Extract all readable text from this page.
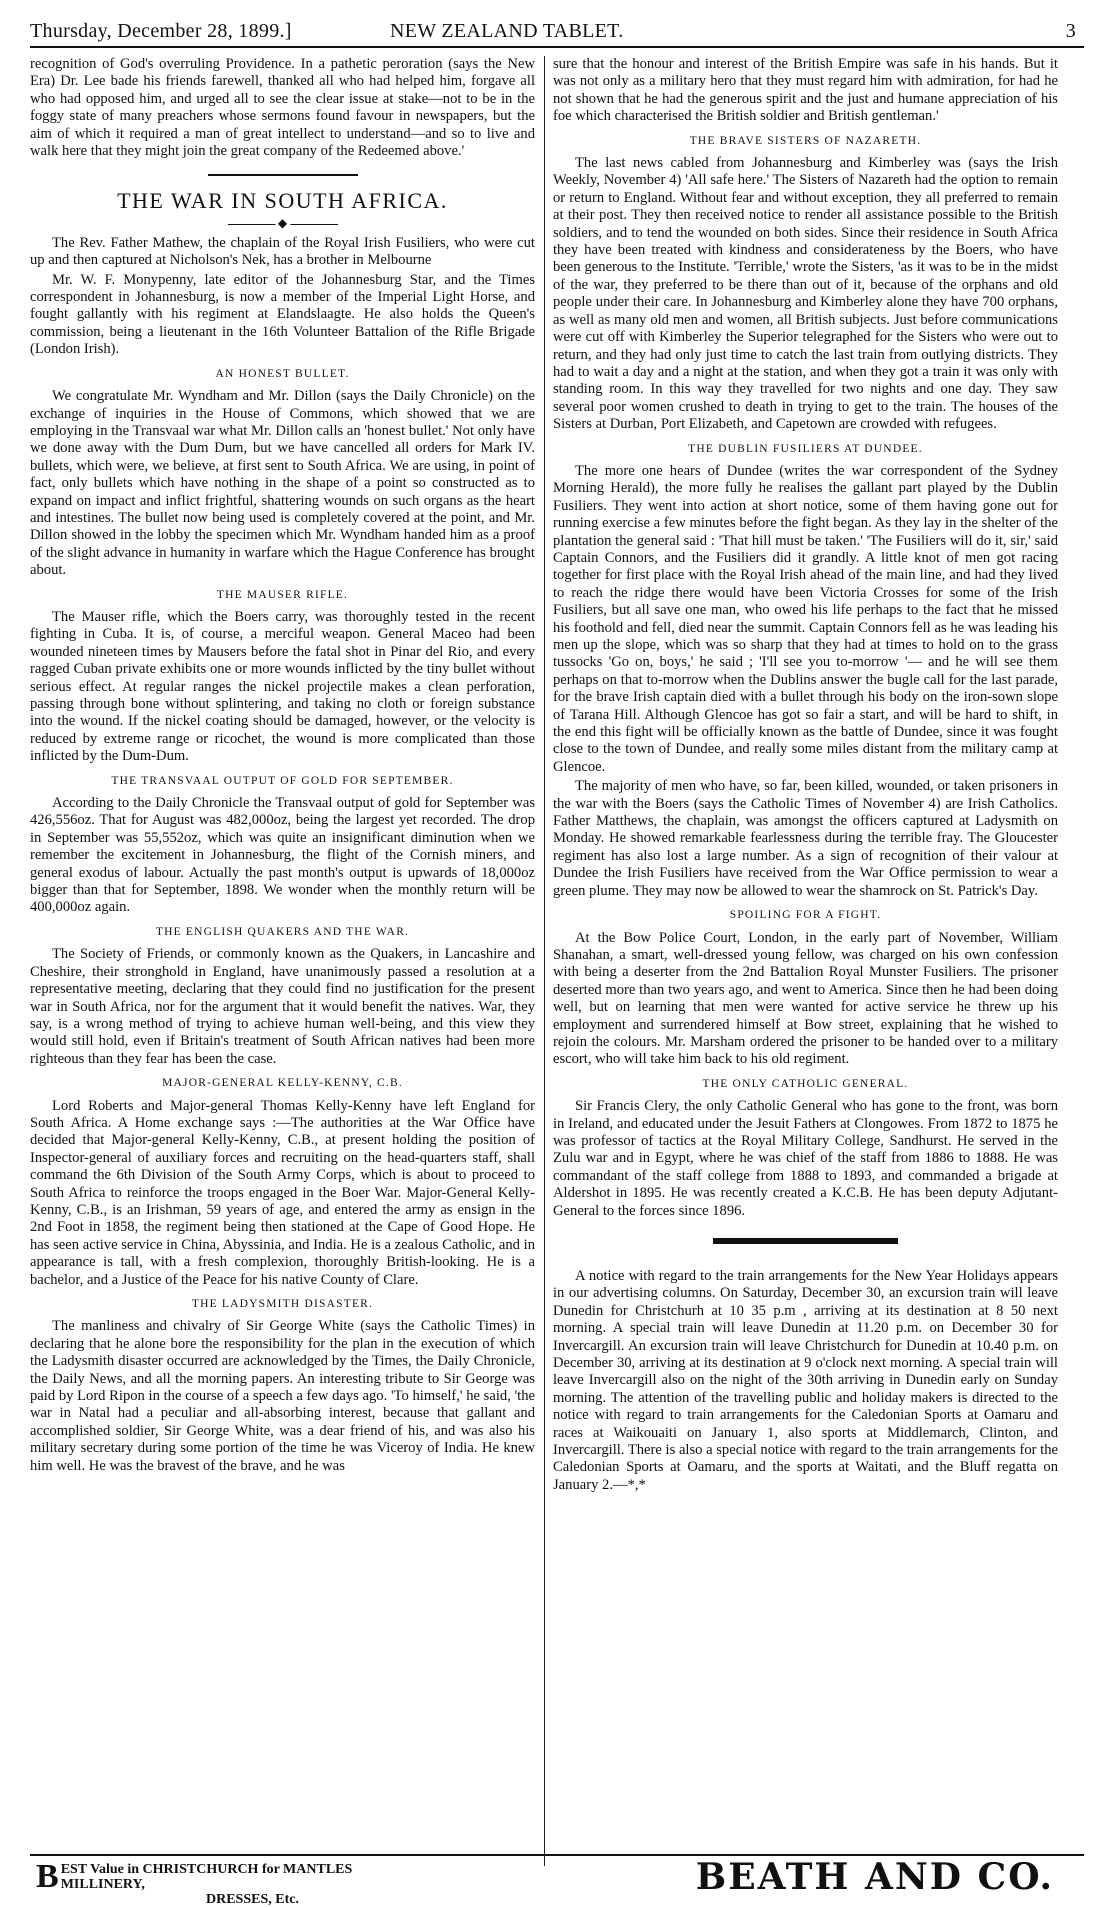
Thursday, December 28, 1899.]	NEW ZEALAND TABLET.	3

recognition of God's overruling Providence. In a pathetic peroration (says the New Era) Dr. Lee bade his friends farewell, thanked all who had helped him, forgave all who had opposed him, and urged all to see the clear issue at stake—not to be in the foggy state of many preachers whose sermons found favour in newspapers, but the aim of which it required a man of great intellect to understand—and so to live and walk here that they might join the great company of the Redeemed above.'

THE WAR IN SOUTH AFRICA.
◆

The Rev. Father Mathew, the chaplain of the Royal Irish Fusiliers, who were cut up and then captured at Nicholson's Nek, has a brother in Melbourne

Mr. W. F. Monypenny, late editor of the Johannesburg Star, and the Times correspondent in Johannesburg, is now a member of the Imperial Light Horse, and fought gallantly with his regiment at Elandslaagte. He also holds the Queen's commission, being a lieutenant in the 16th Volunteer Battalion of the Rifle Brigade (London Irish).

AN HONEST BULLET.

We congratulate Mr. Wyndham and Mr. Dillon (says the Daily Chronicle) on the exchange of inquiries in the House of Commons, which showed that we are employing in the Transvaal war what Mr. Dillon calls an 'honest bullet.' Not only have we done away with the Dum Dum, but we have cancelled all orders for Mark IV. bullets, which were, we believe, at first sent to South Africa. We are using, in point of fact, only bullets which have nothing in the shape of a point so constructed as to expand on impact and inflict frightful, shattering wounds on such organs as the heart and intestines. The bullet now being used is completely covered at the point, and Mr. Dillon showed in the lobby the specimen which Mr. Wyndham handed him as a proof of the slight advance in humanity in warfare which the Hague Conference has brought about.

THE MAUSER RIFLE.

The Mauser rifle, which the Boers carry, was thoroughly tested in the recent fighting in Cuba. It is, of course, a merciful weapon. General Maceo had been wounded nineteen times by Mausers before the fatal shot in Pinar del Rio, and every ragged Cuban private exhibits one or more wounds inflicted by the tiny bullet without serious effect. At regular ranges the nickel projectile makes a clean perforation, passing through bone without splintering, and taking no cloth or foreign substance into the wound. If the nickel coating should be damaged, however, or the velocity is reduced by extreme range or ricochet, the wound is more complicated than those inflicted by the Dum-Dum.

THE TRANSVAAL OUTPUT OF GOLD FOR SEPTEMBER.

According to the Daily Chronicle the Transvaal output of gold for September was 426,556oz. That for August was 482,000oz, being the largest yet recorded. The drop in September was 55,552oz, which was quite an insignificant diminution when we remember the excitement in Johannesburg, the flight of the Cornish miners, and general exodus of labour. Actually the past month's output is upwards of 18,000oz bigger than that for September, 1898. We wonder when the monthly return will be 400,000oz again.

THE ENGLISH QUAKERS AND THE WAR.

The Society of Friends, or commonly known as the Quakers, in Lancashire and Cheshire, their stronghold in England, have unanimously passed a resolution at a representative meeting, declaring that they could find no justification for the present war in South Africa, nor for the argument that it would benefit the natives. War, they say, is a wrong method of trying to achieve human well-being, and this view they would still hold, even if Britain's treatment of South African natives had been more righteous than they fear has been the case.

MAJOR-GENERAL KELLY-KENNY, C.B.

Lord Roberts and Major-general Thomas Kelly-Kenny have left England for South Africa. A Home exchange says :—The authorities at the War Office have decided that Major-general Kelly-Kenny, C.B., at present holding the position of Inspector-general of auxiliary forces and recruiting on the head-quarters staff, shall command the 6th Division of the South Army Corps, which is about to proceed to South Africa to reinforce the troops engaged in the Boer War. Major-General Kelly-Kenny, C.B., is an Irishman, 59 years of age, and entered the army as ensign in the 2nd Foot in 1858, the regiment being then stationed at the Cape of Good Hope. He has seen active service in China, Abyssinia, and India. He is a zealous Catholic, and in appearance is tall, with a fresh complexion, thoroughly British-looking. He is a bachelor, and a Justice of the Peace for his native County of Clare.

THE LADYSMITH DISASTER.

The manliness and chivalry of Sir George White (says the Catholic Times) in declaring that he alone bore the responsibility for the plan in the execution of which the Ladysmith disaster occurred are acknowledged by the Times, the Daily Chronicle, the Daily News, and all the morning papers. An interesting tribute to Sir George was paid by Lord Ripon in the course of a speech a few days ago. 'To himself,' he said, 'the war in Natal had a peculiar and all-absorbing interest, because that gallant and accomplished soldier, Sir George White, was a dear friend of his, and was also his military secretary during some portion of the time he was Viceroy of India. He knew him well. He was the bravest of the brave, and he was

sure that the honour and interest of the British Empire was safe in his hands. But it was not only as a military hero that they must regard him with admiration, for had he not shown that he had the generous spirit and the just and humane appreciation of his foe which characterised the British soldier and British gentleman.'

THE BRAVE SISTERS OF NAZARETH.

The last news cabled from Johannesburg and Kimberley was (says the Irish Weekly, November 4) 'All safe here.' The Sisters of Nazareth had the option to remain or return to England. Without fear and without exception, they all preferred to remain at their post. They then received notice to render all assistance possible to the British soldiers, and to tend the wounded on both sides. Since their residence in South Africa they have been treated with kindness and considerateness by the Boers, who have been generous to the Institute. 'Terrible,' wrote the Sisters, 'as it was to be in the midst of the war, they preferred to be there than out of it, because of the orphans and old people under their care. In Johannesburg and Kimberley alone they have 700 orphans, as well as many old men and women, all British subjects. Just before communications were cut off with Kimberley the Superior telegraphed for the Sisters who were out to return, and they had only just time to catch the last train from outlying districts. They had to wait a day and a night at the station, and when they got a train it was only with standing room. In this way they travelled for two nights and one day. They saw several poor women crushed to death in trying to get to the train. The houses of the Sisters at Durban, Port Elizabeth, and Capetown are crowded with refugees.

THE DUBLIN FUSILIERS AT DUNDEE.

The more one hears of Dundee (writes the war correspondent of the Sydney Morning Herald), the more fully he realises the gallant part played by the Dublin Fusiliers. They went into action at short notice, some of them having gone out for running exercise a few minutes before the fight began. As they lay in the shelter of the plantation the general said : 'That hill must be taken.' 'The Fusiliers will do it, sir,' said Captain Connors, and the Fusiliers did it grandly. A little knot of men got racing together for first place with the Royal Irish ahead of the main line, and had they lived to reach the ridge there would have been Victoria Crosses for some of the Irish Fusiliers, but all save one man, who owed his life perhaps to the fact that he missed his foothold and fell, died near the summit. Captain Connors fell as he was leading his men up the slope, which was so sharp that they had at times to hold on to the grass tussocks 'Go on, boys,' he said ; 'I'll see you to-morrow '— and he will see them perhaps on that to-morrow when the Dublins answer the bugle call for the last parade, for the brave Irish captain died with a bullet through his body on the iron-sown slope of Tarana Hill. Although Glencoe has got so fair a start, and will be hard to shift, in the end this fight will be officially known as the battle of Dundee, since it was fought close to the town of Dundee, and really some miles distant from the military camp at Glencoe.

The majority of men who have, so far, been killed, wounded, or taken prisoners in the war with the Boers (says the Catholic Times of November 4) are Irish Catholics. Father Matthews, the chaplain, was amongst the officers captured at Ladysmith on Monday. He showed remarkable fearlessness during the terrible fray. The Gloucester regiment has also lost a large number. As a sign of recognition of their valour at Dundee the Irish Fusiliers have received from the War Office permission to wear a green plume. They may now be allowed to wear the shamrock on St. Patrick's Day.

SPOILING FOR A FIGHT.

At the Bow Police Court, London, in the early part of November, William Shanahan, a smart, well-dressed young fellow, was charged on his own confession with being a deserter from the 2nd Battalion Royal Munster Fusiliers. The prisoner deserted more than two years ago, and went to America. Since then he had been doing well, but on learning that men were wanted for active service he threw up his employment and surrendered himself at Bow street, explaining that he wished to rejoin the colours. Mr. Marsham ordered the prisoner to be handed over to a military escort, who will take him back to his old regiment.

THE ONLY CATHOLIC GENERAL.

Sir Francis Clery, the only Catholic General who has gone to the front, was born in Ireland, and educated under the Jesuit Fathers at Clongowes. From 1872 to 1875 he was professor of tactics at the Royal Military College, Sandhurst. He served in the Zulu war and in Egypt, where he was chief of the staff from 1886 to 1888. He was commandant of the staff college from 1888 to 1893, and commanded a brigade at Aldershot in 1895. He was recently created a K.C.B. He has been deputy Adjutant-General to the forces since 1896.

A notice with regard to the train arrangements for the New Year Holidays appears in our advertising columns. On Saturday, December 30, an excursion train will leave Dunedin for Christchurh at 10 35 p.m , arriving at its destination at 8 50 next morning. A special train will leave Dunedin at 11.20 p.m. on December 30 for Invercargill. An excursion train will leave Christchurch for Dunedin at 10.40 p.m. on December 30, arriving at its destination at 9 o'clock next morning. A special train will leave Invercargill also on the night of the 30th arriving in Dunedin early on Sunday morning. The attention of the travelling public and holiday makers is directed to the notice with regard to train arrangements for the Caledonian Sports at Oamaru and races at Waikouaiti on January 1, also sports at Middlemarch, Clinton, and Invercargill. There is also a special notice with regard to the train arrangements for the Caledonian Sports at Oamaru, and the sports at Waitati, and the Bluff regatta on January 2.—*,*

B EST Value in CHRISTCHURCH for MANTLES MILLINERY,
DRESSES, Etc.
BEATH AND CO.
